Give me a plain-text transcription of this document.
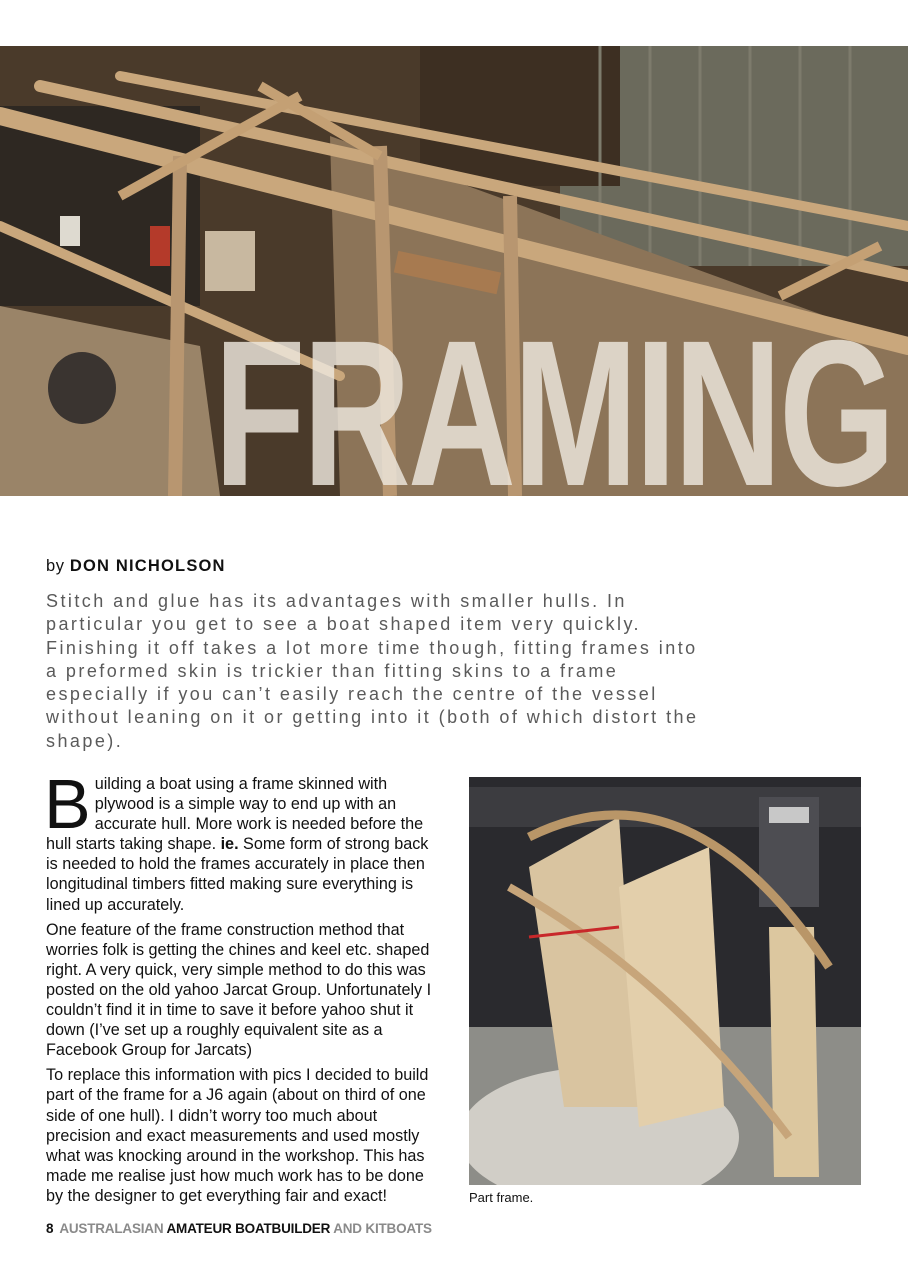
FRAMING
by DON NICHOLSON

Stitch and glue has its advantages with smaller hulls. In particular you get to see a boat shaped item very quickly. Finishing it off takes a lot more time though, fitting frames into a preformed skin is trickier than fitting skins to a frame especially if you can’t easily reach the centre of the vessel without leaning on it or getting into it (both of which distort the shape).

Building a boat using a frame skinned with plywood is a simple way to end up with an accurate hull. More work is needed before the hull starts taking shape. ie. Some form of strong back is needed to hold the frames accurately in place then longitudinal timbers fitted making sure everything is lined up accurately.

One feature of the frame construction method that worries folk is getting the chines and keel etc. shaped right. A very quick, very simple method to do this was posted on the old yahoo Jarcat Group. Unfortunately I couldn’t find it in time to save it before yahoo shut it down (I’ve set up a roughly equivalent site as a Facebook Group for Jarcats)

To replace this information with pics I decided to build part of the frame for a J6 again (about on third of one side of one hull). I didn’t worry too much about precision and exact measurements and used mostly what was knocking around in the workshop. This has made me realise just how much work has to be done by the designer to get everything fair and exact!	Part frame.
8 AUSTRALASIAN AMATEUR BOATBUILDER AND KITBOATS
